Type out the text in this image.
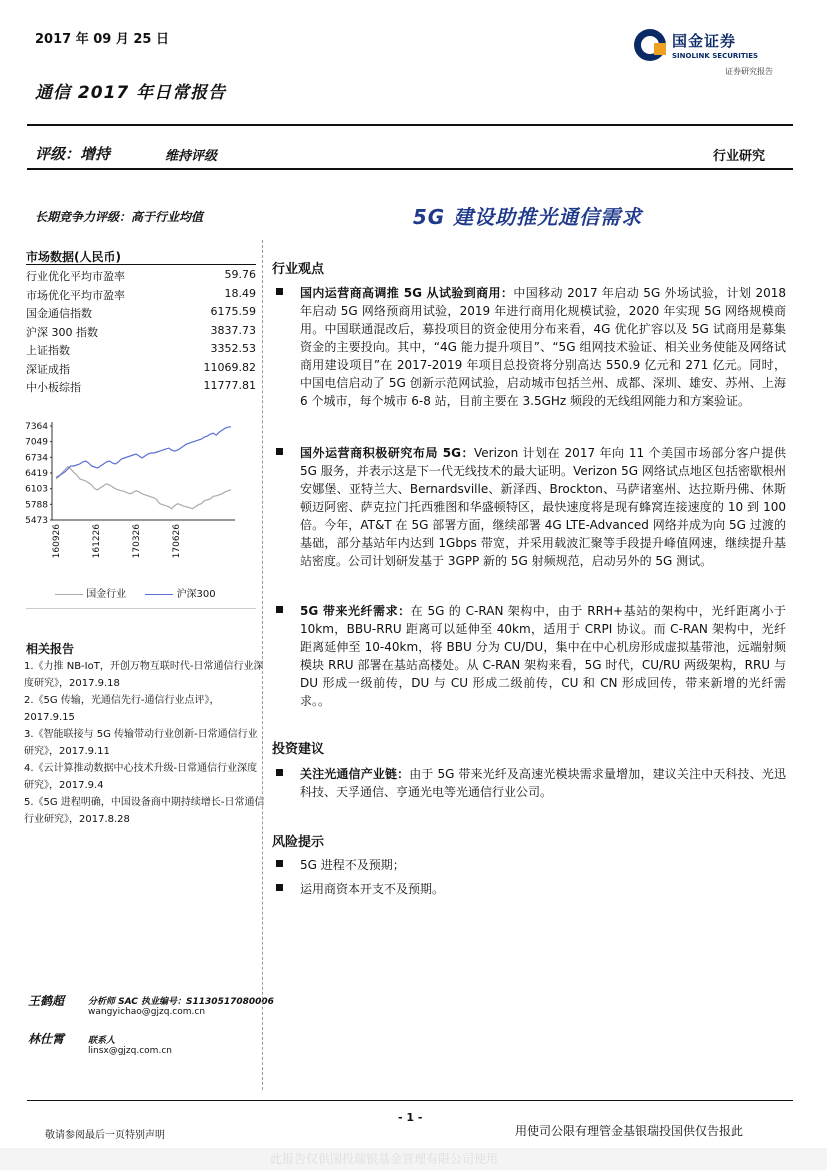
2017 年 09 月 25 日
通信 2017 年日常报告
国金证券
SINOLINK SECURITIES
证券研究报告
评级：增持	维持评级	行业研究
长期竞争力评级：高于行业均值	5G 建设助推光通信需求
市场数据(人民币)
行业优化平均市盈率	59.76
市场优化平均市盈率	18.49
国金通信指数	6175.59
沪深 300 指数	3837.73
上证指数	3352.53
深证成指	11069.82
中小板综指	11777.81
7364
7049
6734
6419
6103
5788
5473
160926	161226	170326	170626
国金行业	沪深300
相关报告

1.《力推 NB-IoT，开创万物互联时代-日常通信行业深度研究》，2017.9.18

2.《5G 传输，光通信先行-通信行业点评》，2017.9.15

3.《智能联接与 5G 传输带动行业创新-日常通信行业研究》，2017.9.11

4.《云计算推动数据中心技术升级-日常通信行业深度研究》，2017.9.4

5.《5G 进程明确，中国设备商中期持续增长-日常通信行业研究》，2017.8.28

王鹤超	分析师 SAC 执业编号：S1130517080006
wangyichao@gjzq.com.cn
林仕霄	联系人
linsx@gjzq.com.cn
行业观点
国内运营商高调推 5G 从试验到商用：中国移动 2017 年启动 5G 外场试验，计划 2018 年启动 5G 网络预商用试验，2019 年进行商用化规模试验，2020 年实现 5G 网络规模商用。中国联通混改后，募投项目的资金使用分布来看，4G 优化扩容以及 5G 试商用是募集资金的主要投向。其中，“4G 能力提升项目”、“5G 组网技术验证、相关业务使能及网络试商用建设项目”在 2017-2019 年项目总投资将分别高达 550.9 亿元和 271 亿元。同时，中国电信启动了 5G 创新示范网试验，启动城市包括兰州、成都、深圳、雄安、苏州、上海 6 个城市，每个城市 6-8 站，目前主要在 3.5GHz 频段的无线组网能力和方案验证。
国外运营商积极研究布局 5G：Verizon 计划在 2017 年向 11 个美国市场部分客户提供 5G 服务，并表示这是下一代无线技术的最大证明。Verizon 5G 网络试点地区包括密歇根州安娜堡、亚特兰大、Bernardsville、新泽西、Brockton、马萨诸塞州、达拉斯丹佛、休斯顿迈阿密、萨克拉门托西雅图和华盛顿特区，最快速度将是现有蜂窝连接速度的 10 到 100 倍。今年，AT&T 在 5G 部署方面，继续部署 4G LTE-Advanced 网络并成为向 5G 过渡的基础，部分基站年内达到 1Gbps 带宽，并采用载波汇聚等手段提升峰值网速，继续提升基站密度。公司计划研发基于 3GPP 新的 5G 射频规范，启动另外的 5G 测试。
5G 带来光纤需求：在 5G 的 C-RAN 架构中，由于 RRH+基站的架构中，光纤距离小于 10km，BBU-RRU 距离可以延伸至 40km，适用于 CRPI 协议。而 C-RAN 架构中，光纤距离延伸至 10-40km，将 BBU 分为 CU/DU，集中在中心机房形成虚拟基带池，远端射频模块 RRU 部署在基站高楼处。从 C-RAN 架构来看，5G 时代，CU/RU 两级架构，RRU 与 DU 形成一级前传，DU 与 CU 形成二级前传，CU 和 CN 形成回传，带来新增的光纤需求。。
投资建议
关注光通信产业链：由于 5G 带来光纤及高速光模块需求量增加，建议关注中天科技、光迅科技、天孚通信、亨通光电等光通信行业公司。
风险提示
5G 进程不及预期；
运用商资本开支不及预期。
- 1 -
敬请参阅最后一页特别声明	用使司公限有理管金基银瑞投国供仅告报此
此报告仅供国投瑞银基金管理有限公司使用
